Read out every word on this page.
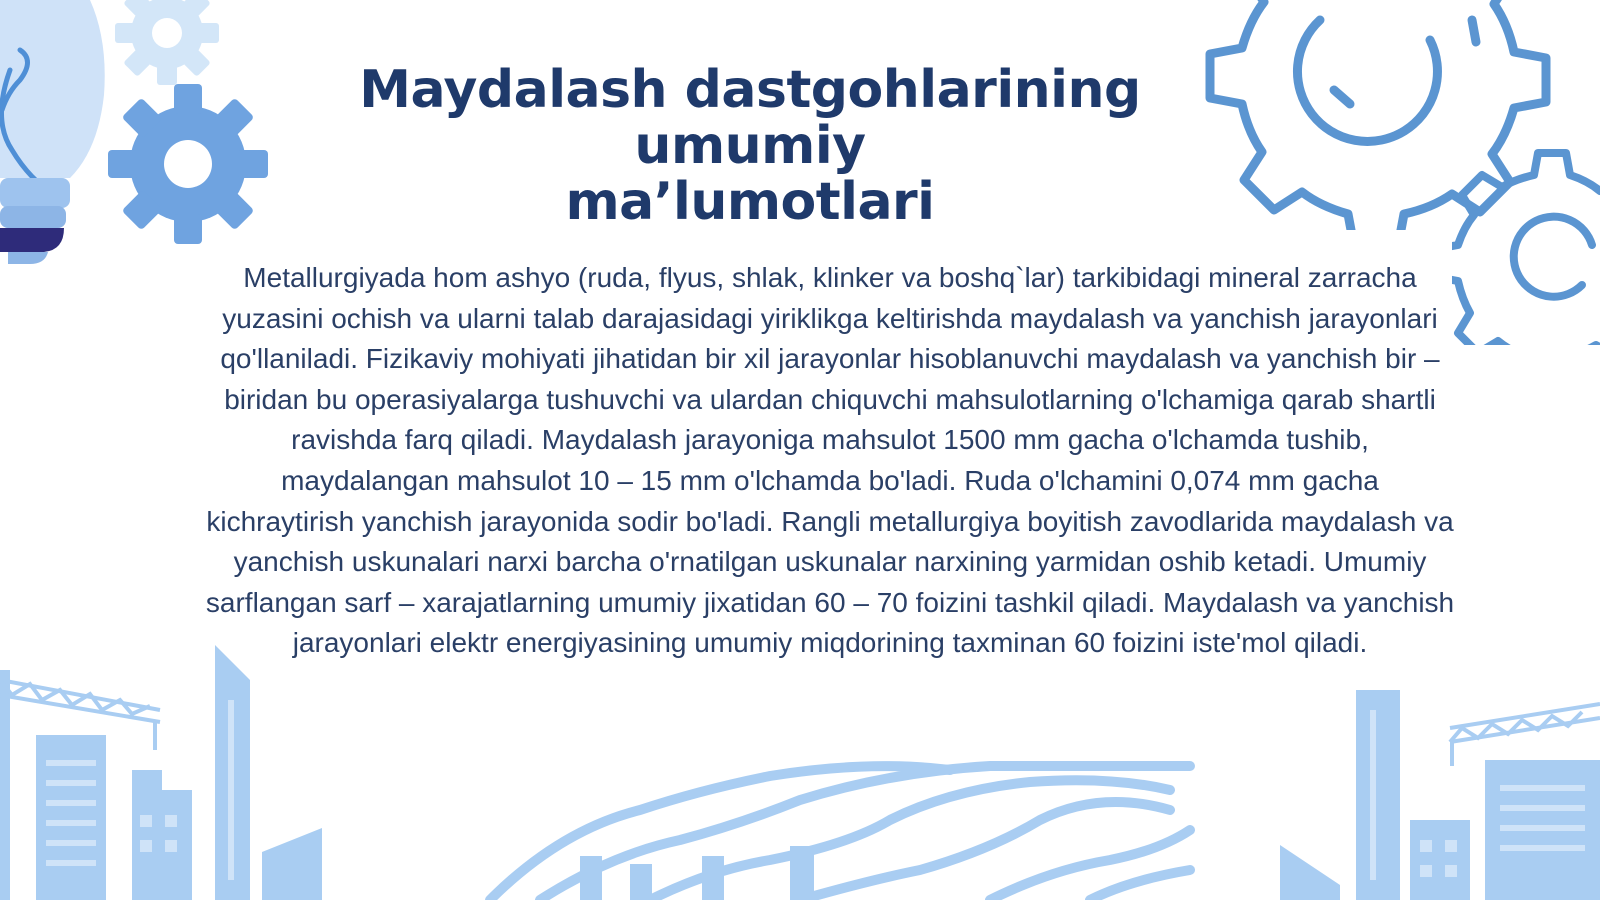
Maydalash dastgohlarining umumiy
ma’lumotlari

Metallurgiyada hom ashyo (ruda, flyus, shlak, klinker va boshq`lar) tarkibidagi mineral zarracha yuzasini ochish va ularni talab darajasidagi yiriklikga keltirishda maydalash va yanchish jarayonlari qo'llaniladi. Fizikaviy mohiyati jihatidan bir xil jarayonlar hisoblanuvchi maydalash va yanchish bir – biridan bu operasiyalarga tushuvchi va ulardan chiquvchi mahsulotlarning o'lchamiga qarab shartli ravishda farq qiladi. Maydalash jarayoniga mahsulot 1500 mm gacha o'lchamda tushib, maydalangan mahsulot 10 – 15 mm o'lchamda bo'ladi. Ruda o'lchamini 0,074 mm gacha kichraytirish yanchish jarayonida sodir bo'ladi. Rangli metallurgiya boyitish zavodlarida maydalash va yanchish uskunalari narxi barcha o'rnatilgan uskunalar narxining yarmidan oshib ketadi. Umumiy sarflangan sarf – xarajatlarning umumiy jixatidan 60 – 70 foizini tashkil qiladi. Maydalash va yanchish jarayonlari elektr energiyasining umumiy miqdorining taxminan 60 foizini iste'mol qiladi.
